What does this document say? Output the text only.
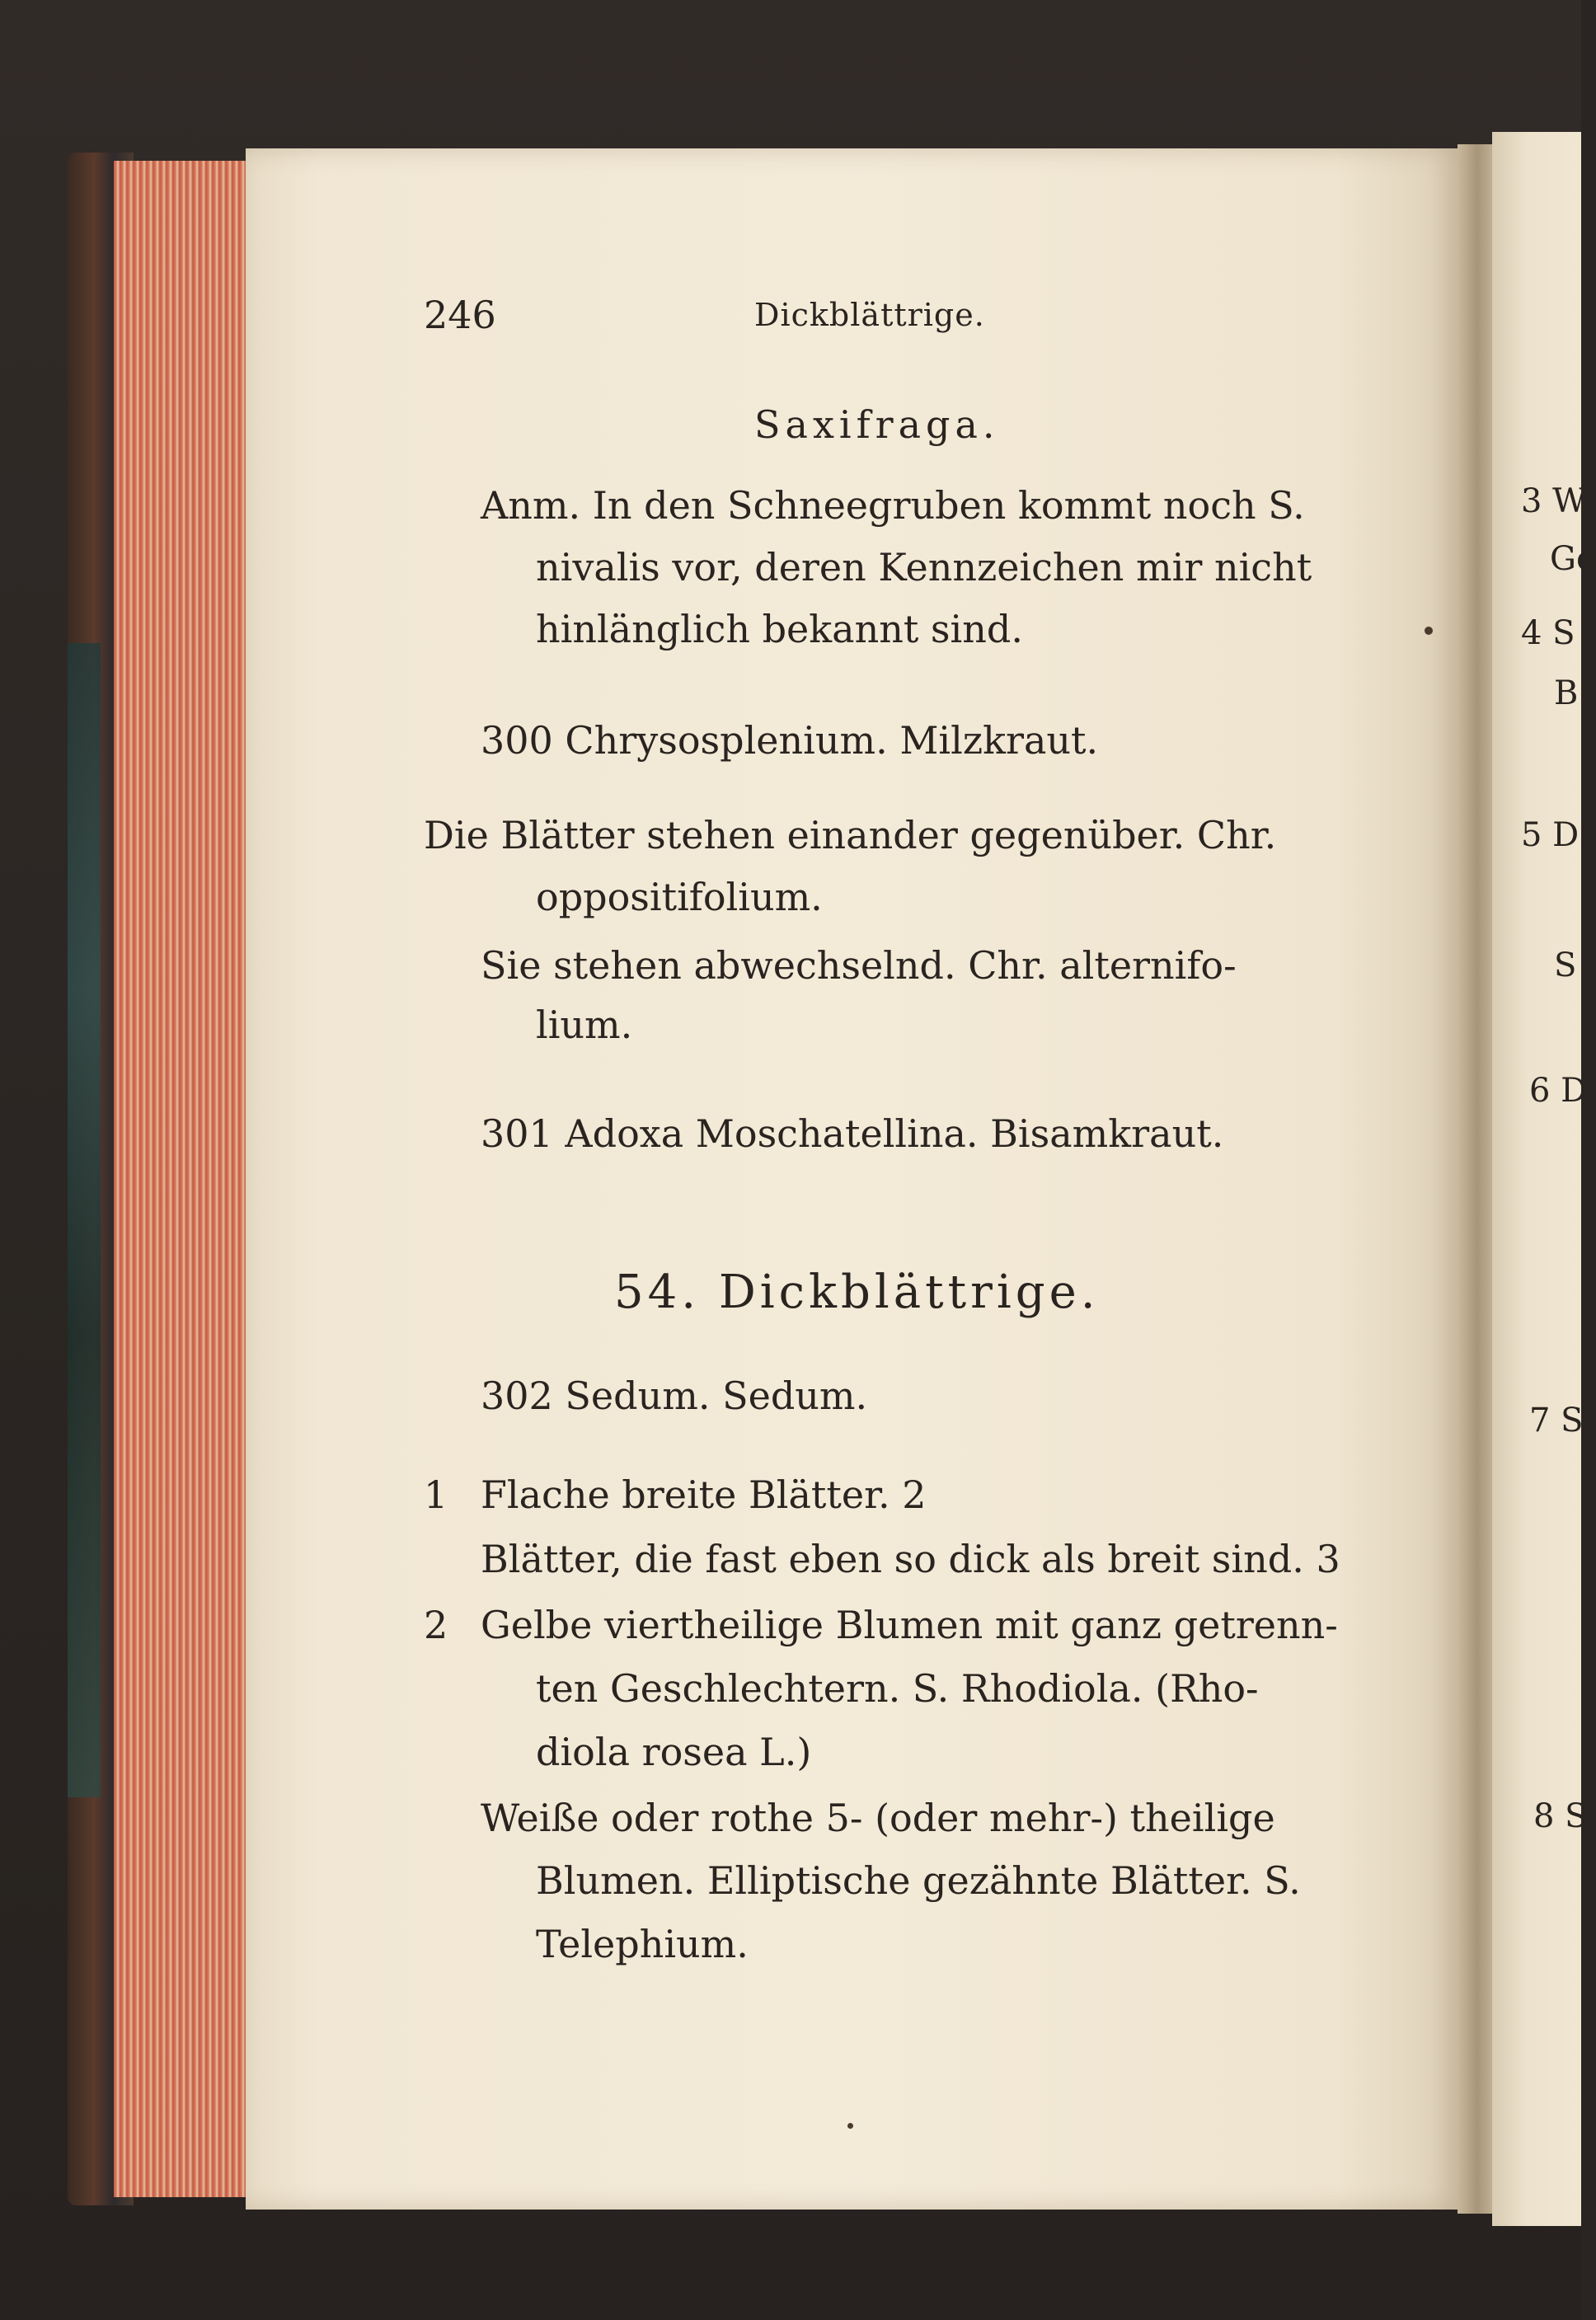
246	Dickblättrige.
Saxifraga.
Anm. In den Schneegruben kommt noch S.
nivalis vor, deren Kennzeichen mir nicht
hinlänglich bekannt sind.
300 Chrysosplenium. Milzkraut.
Die Blätter stehen einander gegenüber. Chr.
oppositifolium.
Sie stehen abwechselnd. Chr. alternifo-
lium.
301 Adoxa Moschatellina. Bisamkraut.
54. Dickblättrige.
302 Sedum. Sedum.
1 Flache breite Blätter. 2
Blätter, die fast eben so dick als breit sind. 3
2 Gelbe viertheilige Blumen mit ganz getrenn-
ten Geschlechtern. S. Rhodiola. (Rho-
diola rosea L.)
Weiße oder rothe 5- (oder mehr-) theilige
Blumen. Elliptische gezähnte Blätter. S.
Telephium.
3 W
Ge
4 S
B
5 D
S
6 D
7 S
8 S
